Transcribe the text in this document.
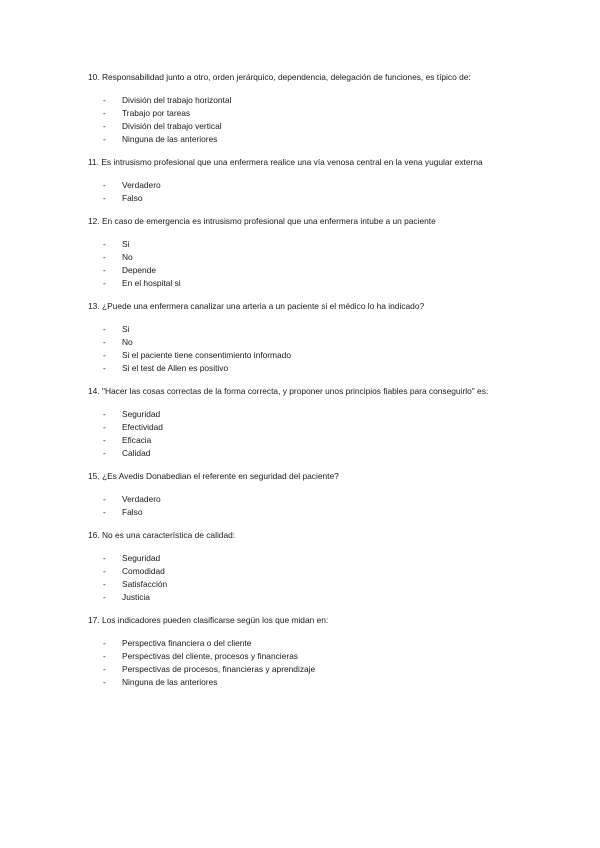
10. Responsabilidad junto a otro, orden jerárquico, dependencia, delegación de funciones, es típico de:

- División del trabajo horizontal
- Trabajo por tareas
- División del trabajo vertical
- Ninguna de las anteriores

11. Es intrusismo profesional que una enfermera realice una vía venosa central en la vena yugular externa

- Verdadero
- Falso

12. En caso de emergencia es intrusismo profesional que una enfermera intube a un paciente

- Si
- No
- Depende
- En el hospital si

13. ¿Puede una enfermera canalizar una arteria a un paciente si el médico lo ha indicado?

- Si
- No
- Si el paciente tiene consentimiento informado
- Si el test de Allen es positivo

14. "Hacer las cosas correctas de la forma correcta, y proponer unos principios fiables para conseguirlo" es:

- Seguridad
- Efectividad
- Eficacia
- Calidad

15. ¿Es Avedis Donabedian el referente en seguridad del paciente?

- Verdadero
- Falso

16. No es una característica de calidad:

- Seguridad
- Comodidad
- Satisfacción
- Justicia

17. Los indicadores pueden clasificarse según los que midan en:

- Perspectiva financiera o del cliente
- Perspectivas del cliente, procesos y financieras
- Perspectivas de procesos, financieras y aprendizaje
- Ninguna de las anteriores
